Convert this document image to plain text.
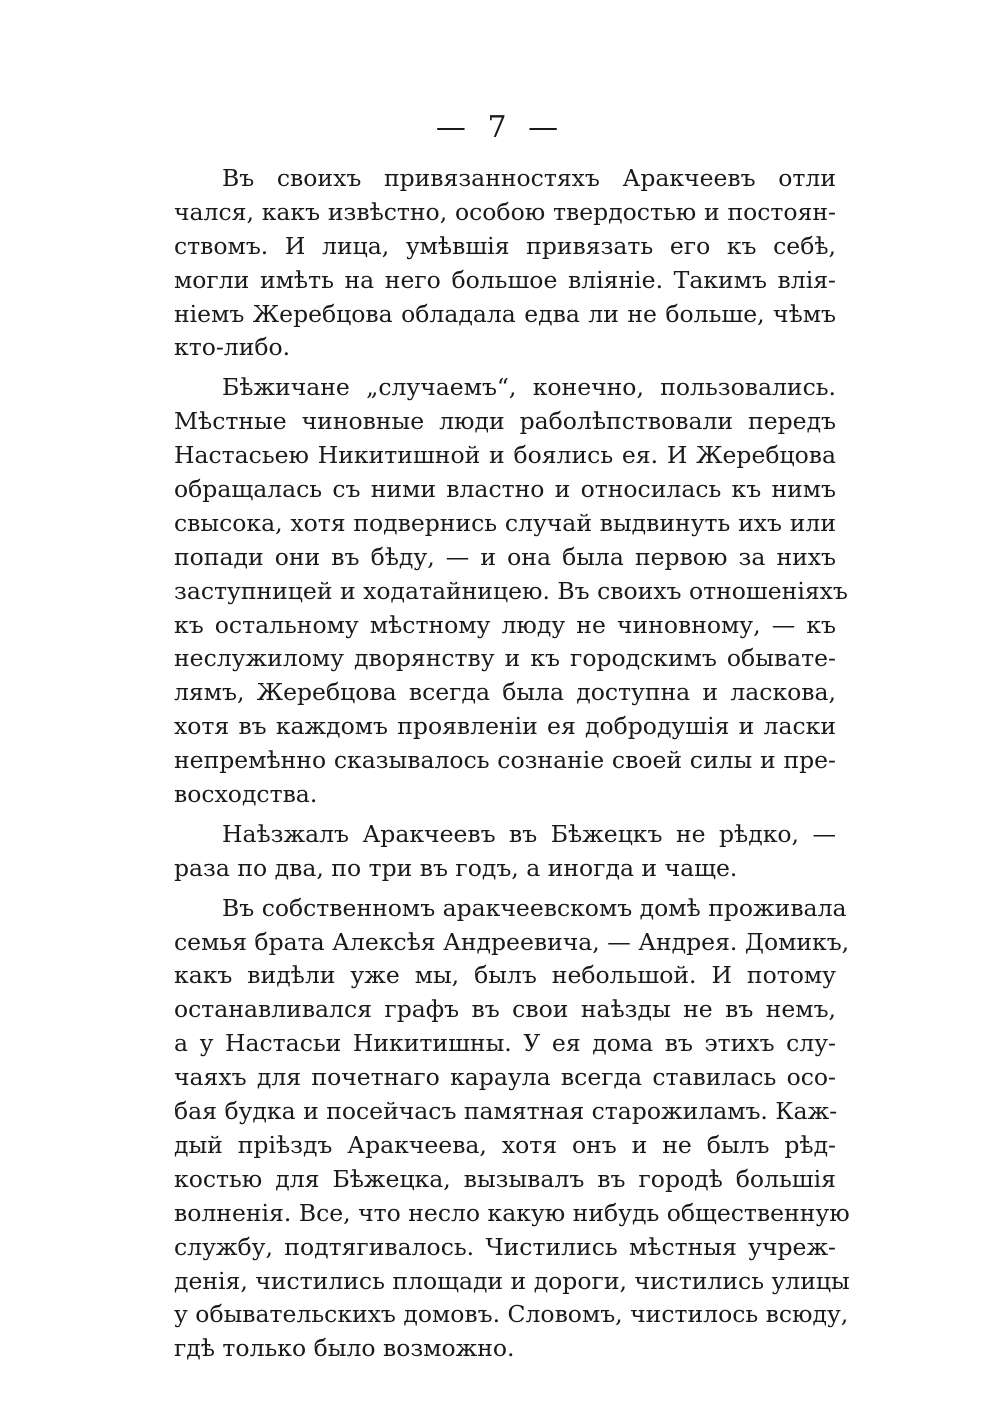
— 7 —
Въ своихъ привязанностяхъ Аракчеевъ отли
чался, какъ извѣстно, особою твердостью и постоян-
ствомъ. И лица, умѣвшія привязать его къ себѣ,
могли имѣть на него большое вліяніе. Такимъ влія-
ніемъ Жеребцова обладала едва ли не больше, чѣмъ
кто-либо.
Бѣжичане „случаемъ“, конечно, пользовались.
Мѣстные чиновные люди раболѣпствовали передъ
Настасьею Никитишной и боялись ея. И Жеребцова
обращалась съ ними властно и относилась къ нимъ
свысока, хотя подвернись случай выдвинуть ихъ или
попади они въ бѣду, — и она была первою за нихъ
заступницей и ходатайницею. Въ своихъ отношеніяхъ
къ остальному мѣстному люду не чиновному, — къ
неслужилому дворянству и къ городскимъ обывате-
лямъ, Жеребцова всегда была доступна и ласкова,
хотя въ каждомъ проявленіи ея добродушія и ласки
непремѣнно сказывалось сознаніе своей силы и пре-
восходства.
Наѣзжалъ Аракчеевъ въ Бѣжецкъ не рѣдко, —
раза по два, по три въ годъ, а иногда и чаще.
Въ собственномъ аракчеевскомъ домѣ проживала
семья брата Алексѣя Андреевича, — Андрея. Домикъ,
какъ видѣли уже мы, былъ небольшой. И потому
останавливался графъ въ свои наѣзды не въ немъ,
а у Настасьи Никитишны. У ея дома въ этихъ слу-
чаяхъ для почетнаго караула всегда ставилась осо-
бая будка и посейчасъ памятная старожиламъ. Каж-
дый пріѣздъ Аракчеева, хотя онъ и не былъ рѣд-
костью для Бѣжецка, вызывалъ въ городѣ большія
волненія. Все, что несло какую нибудь общественную
службу, подтягивалось. Чистились мѣстныя учреж-
денія, чистились площади и дороги, чистились улицы
у обывательскихъ домовъ. Словомъ, чистилось всюду,
гдѣ только было возможно.
